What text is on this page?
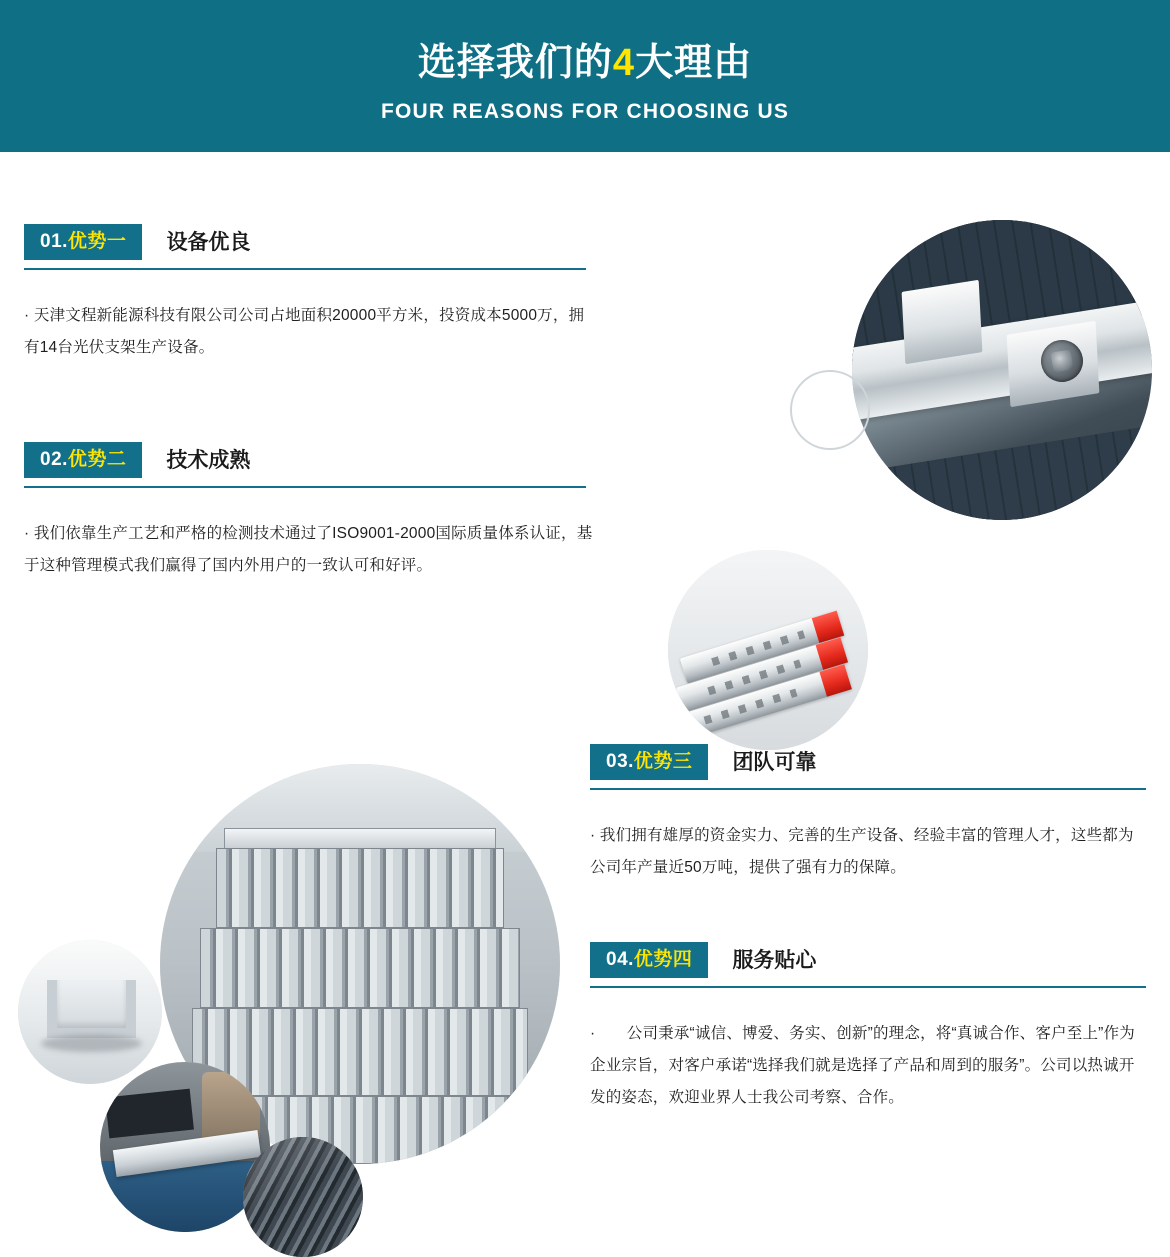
选择我们的4大理由
FOUR REASONS FOR CHOOSING US
01.优势一	设备优良
· 天津文程新能源科技有限公司公司占地面积20000平方米，投资成本5000万，拥有14台光伏支架生产设备。
02.优势二	技术成熟
· 我们依靠生产工艺和严格的检测技术通过了ISO9001-2000国际质量体系认证，基于这种管理模式我们赢得了国内外用户的一致认可和好评。
03.优势三	团队可靠
· 我们拥有雄厚的资金实力、完善的生产设备、经验丰富的管理人才，这些都为公司年产量近50万吨，提供了强有力的保障。
04.优势四	服务贴心
·　　公司秉承“诚信、博爱、务实、创新”的理念，将“真诚合作、客户至上”作为企业宗旨，对客户承诺“选择我们就是选择了产品和周到的服务”。公司以热诚开发的姿态，欢迎业界人士我公司考察、合作。
